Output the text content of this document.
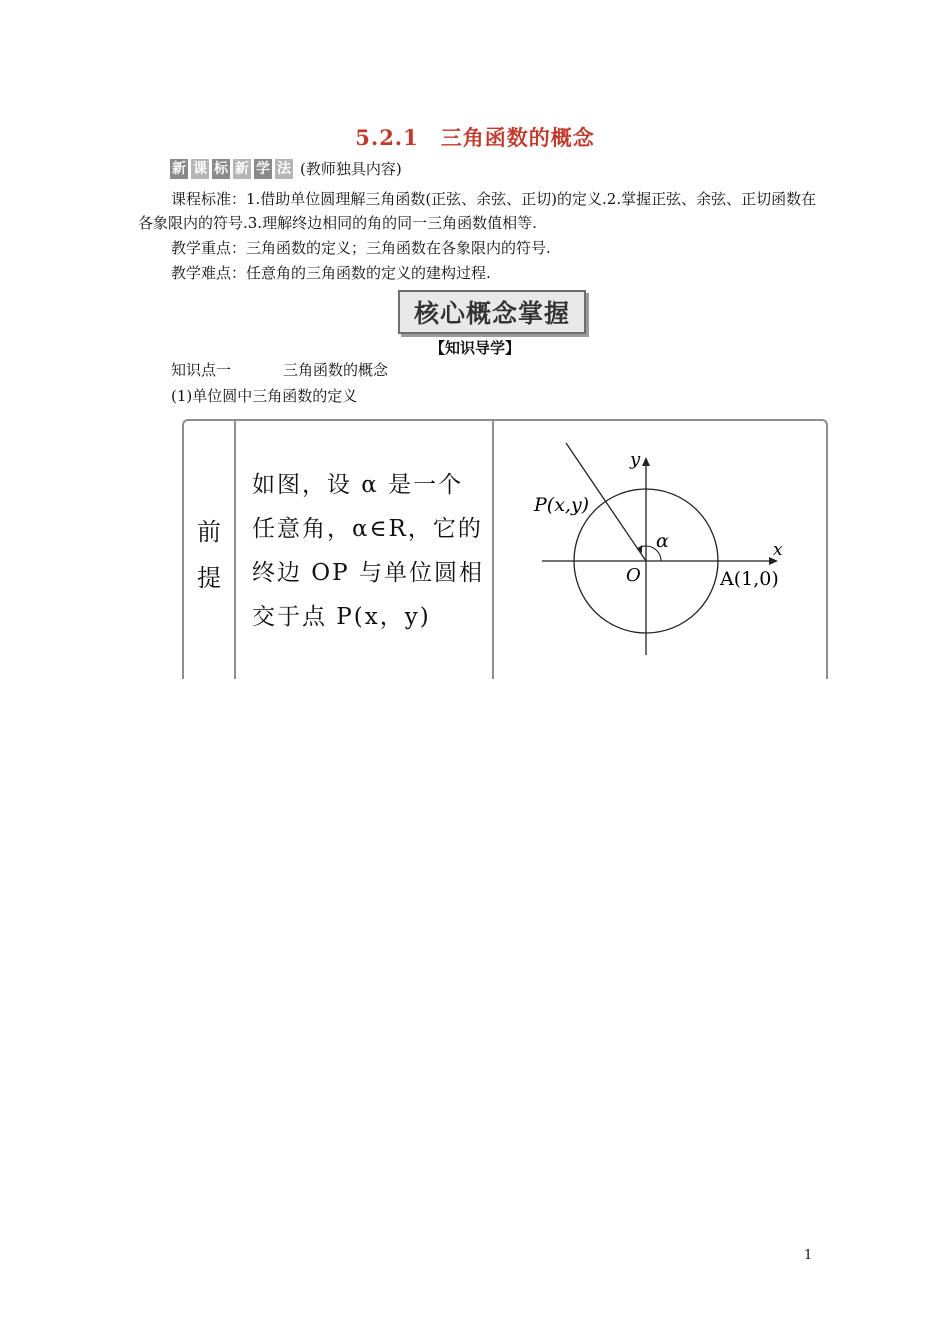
5.2.1　三角函数的概念
新 课 标 新 学 法 (教师独具内容)
课程标准：1.借助单位圆理解三角函数(正弦、余弦、正切)的定义.2.掌握正弦、余弦、正切函数在各象限内的符号.3.理解终边相同的角的同一三角函数值相等.
教学重点：三角函数的定义；三角函数在各象限内的符号.
教学难点：任意角的三角函数的定义的建构过程.
核心概念掌握
【知识导学】
知识点一	三角函数的概念
(1)单位圆中三角函数的定义
前提
如图，设 α 是一个任意角，α∈R，它的终边 OP 与单位圆相交于点 P(x，y)
y
x
P(x,y)
α
O	A(1,0)
1
